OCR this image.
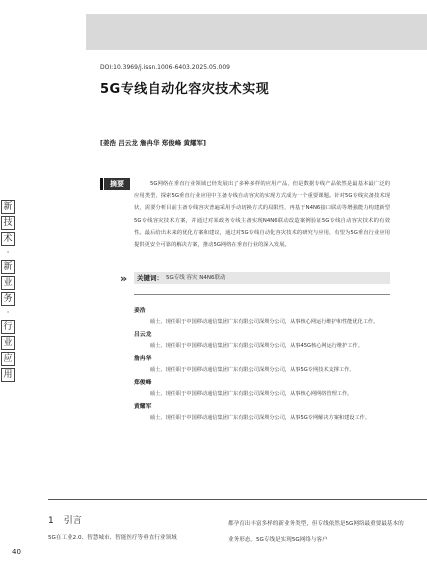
新
技
术
·
新
业
务
·
行
业
应
用
DOI:10.3969/j.issn.1006-6403.2025.05.009
5G专线自动化容灾技术实现
[姜浩 吕云龙 詹冉华 郑俊峰 黄耀军]
摘要	5G网络在垂直行业领域已经发展出了多种多样的应用产品，但是数据专线产品依然是最基本最广泛的应用类型，探索5G垂直行业应用中主备专线自动容灾的实现方式成为一个重要课题。针对5G专线灾备技术现状，需要分析目前主备专线容灾普遍采用手动切换方式的局限性，再基于N4N6接口联动等增强能力构建新型5G专线容灾技术方案，并通过对某政务专线主备实现N4N6联动改造案例验证5G专线自动容灾技术的有效性。最后给出未来的优化方案和建议，通过对5G专线自动化容灾技术的研究与应用，有望为5G垂直行业应用提供更安全可靠的解决方案，推动5G网络在垂直行业的深入发展。
» 关键词： 5G专线 容灾 N4N6联动
姜浩
硕士，现任职于中国移动通信集团广东有限公司深圳分公司，从事核心网运行维护和性能优化工作。
吕云龙
硕士，现任职于中国移动通信集团广东有限公司深圳分公司，从事45G核心网运行维护工作。
詹冉华
硕士，现任职于中国移动通信集团广东有限公司深圳分公司，从事5G专网技术支撑工作。
郑俊峰
硕士，现任职于中国移动通信集团广东有限公司深圳分公司，从事核心网网络管理工作。
黄耀军
硕士，现任职于中国移动通信集团广东有限公司深圳分公司，从事5G专网解决方案和建设工作。
1 引言
5G在工业2.0、智慧城市、智能医疗等垂直行业领域
都孕育出丰富多样的新业务类型，但专线依然是5G网络最重要最基本的业务形态。5G专线是实现5G网络与客户
40
